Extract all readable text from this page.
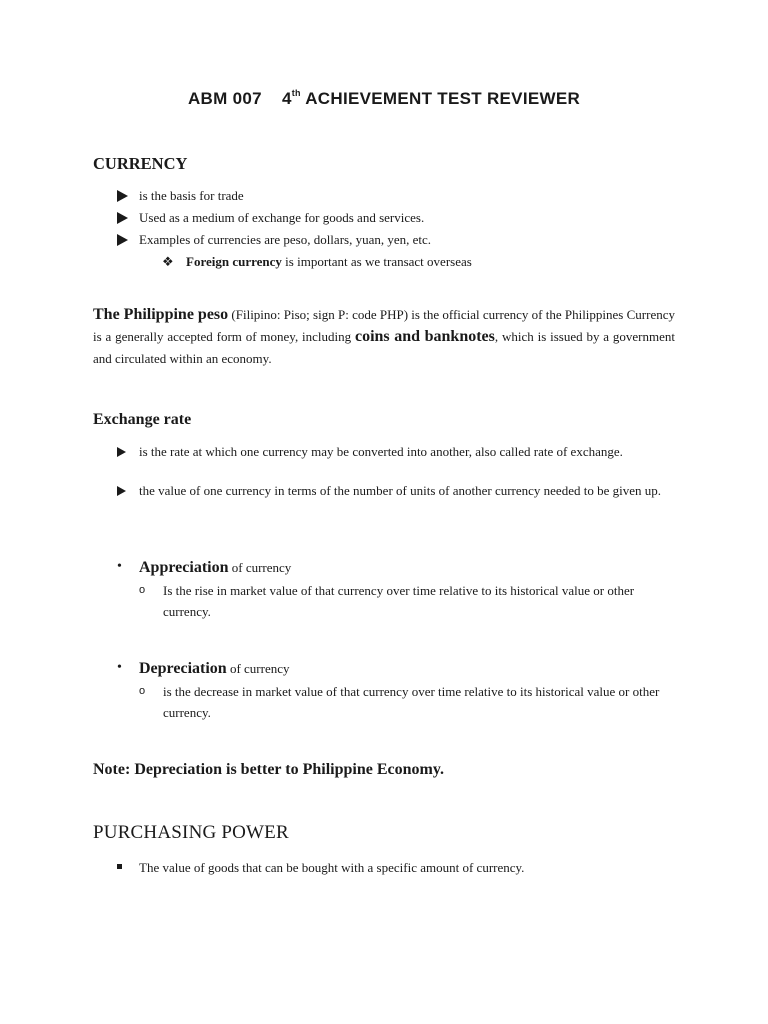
ABM 007 4th ACHIEVEMENT TEST REVIEWER
CURRENCY
is the basis for trade
Used as a medium of exchange for goods and services.
Examples of currencies are peso, dollars, yuan, yen, etc.
❖ Foreign currency is important as we transact overseas
The Philippine peso (Filipino: Piso; sign P: code PHP) is the official currency of the Philippines Currency is a generally accepted form of money, including coins and banknotes, which is issued by a government and circulated within an economy.
Exchange rate
is the rate at which one currency may be converted into another, also called rate of exchange.
the value of one currency in terms of the number of units of another currency needed to be given up.
• Appreciation of currency
o Is the rise in market value of that currency over time relative to its historical value or other currency.
• Depreciation of currency
o is the decrease in market value of that currency over time relative to its historical value or other currency.
Note: Depreciation is better to Philippine Economy.
PURCHASING POWER
The value of goods that can be bought with a specific amount of currency.
